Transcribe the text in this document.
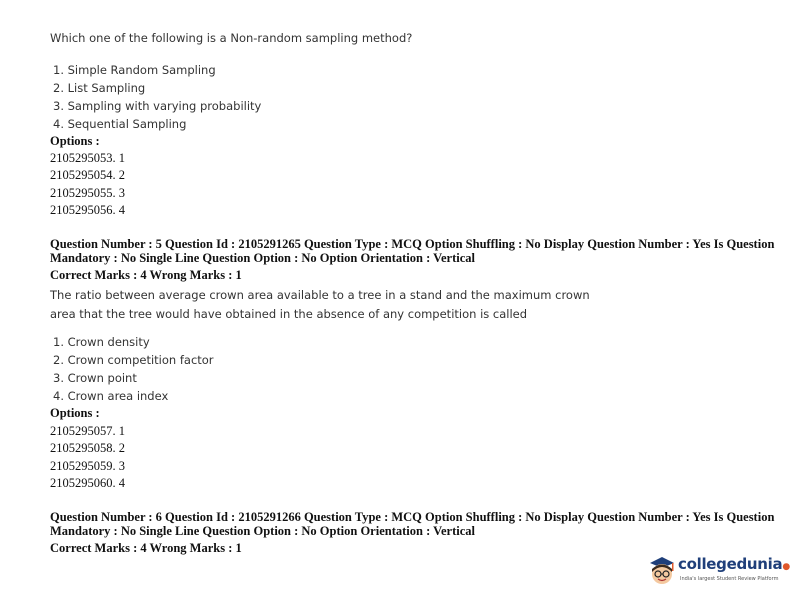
Which one of the following is a Non-random sampling method?
1. Simple Random Sampling
2. List Sampling
3. Sampling with varying probability
4. Sequential Sampling
Options :
2105295053. 1
2105295054. 2
2105295055. 3
2105295056. 4
Question Number : 5 Question Id : 2105291265 Question Type : MCQ Option Shuffling : No Display Question Number : Yes Is Question
Mandatory : No Single Line Question Option : No Option Orientation : Vertical
Correct Marks : 4 Wrong Marks : 1
The ratio between average crown area available to a tree in a stand and the maximum crown
area that the tree would have obtained in the absence of any competition is called
1. Crown density
2. Crown competition factor
3. Crown point
4. Crown area index
Options :
2105295057. 1
2105295058. 2
2105295059. 3
2105295060. 4
Question Number : 6 Question Id : 2105291266 Question Type : MCQ Option Shuffling : No Display Question Number : Yes Is Question
Mandatory : No Single Line Question Option : No Option Orientation : Vertical
Correct Marks : 4 Wrong Marks : 1
collegedunia●
India's largest Student Review Platform
